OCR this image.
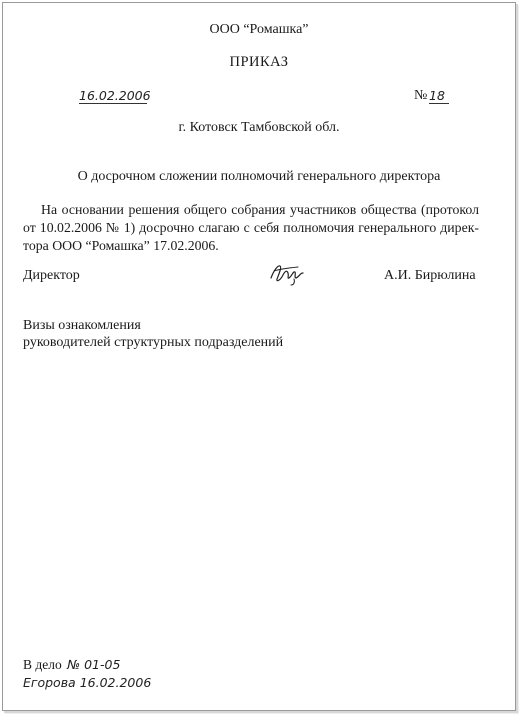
ООО “Ромашка”
ПРИКАЗ
16.02.2006	№ 18
г. Котовск Тамбовской обл.
О досрочном сложении полномочий генерального директора
На основании решения общего собрания участников общества (протокол
от 10.02.2006 № 1) досрочно слагаю с себя полномочия генерального дирек-
тора ООО “Ромашка” 17.02.2006.
Директор	А.И. Бирюлина
Визы ознакомления
руководителей структурных подразделений
В дело № 01-05
Егорова 16.02.2006
